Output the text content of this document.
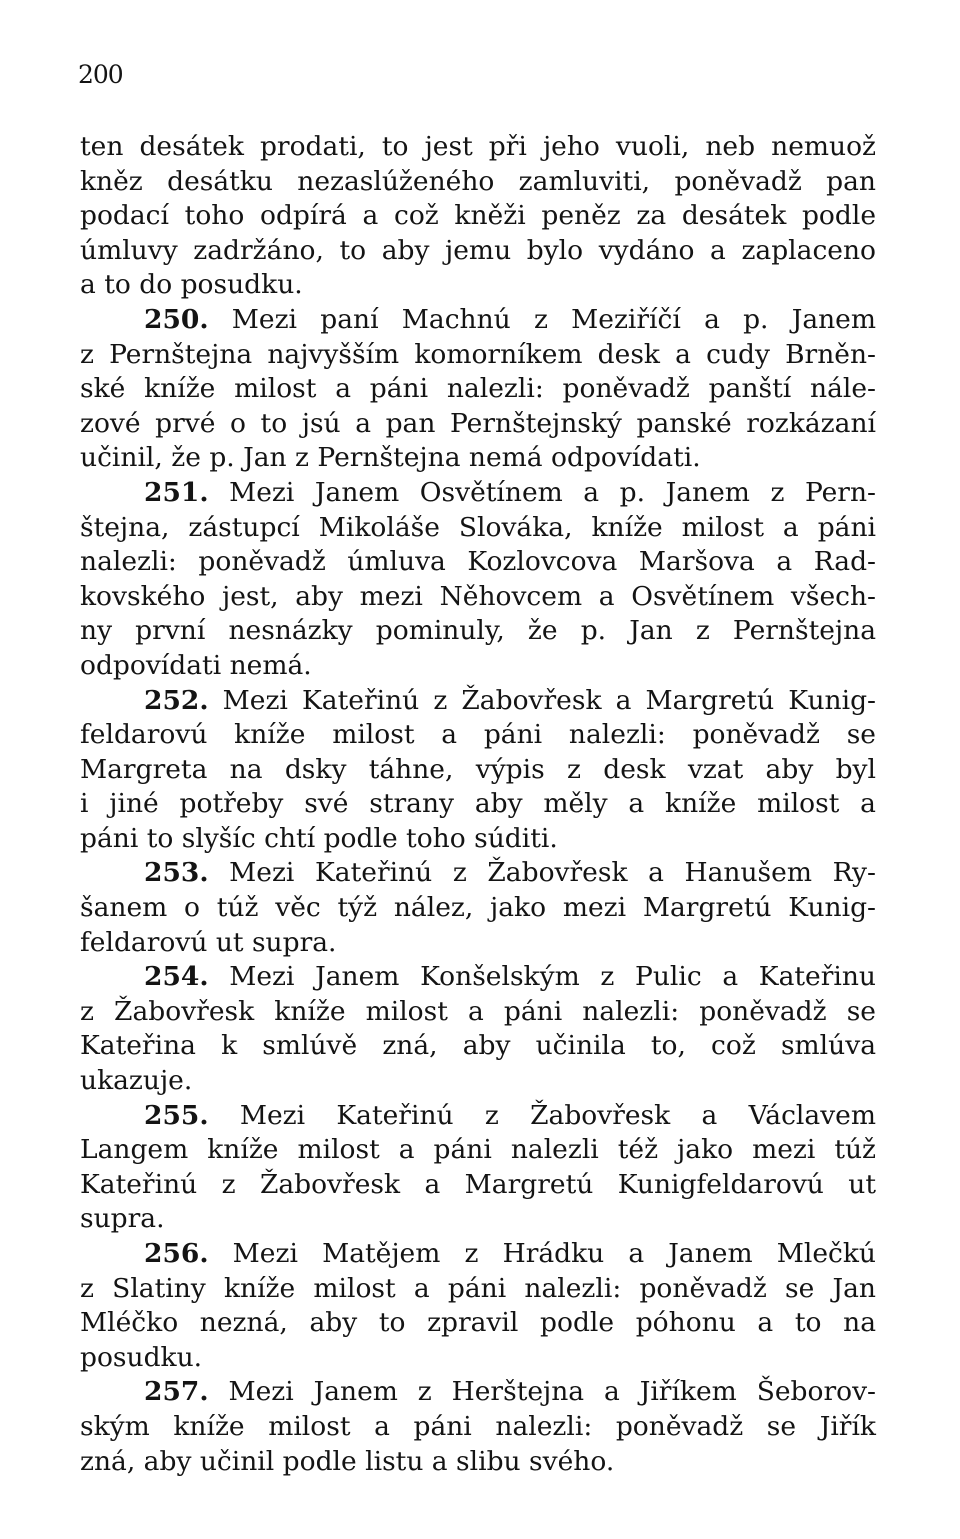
200
ten desátek prodati, to jest při jeho vuoli, neb nemuož
kněz desátku nezaslúženého zamluviti, poněvadž pan
podací toho odpírá a což kněži peněz za desátek podle
úmluvy zadržáno, to aby jemu bylo vydáno a zaplaceno
a to do posudku.
250. Mezi paní Machnú z Meziříčí a p. Janem
z Pernštejna najvyšším komorníkem desk a cudy Brněn-
ské kníže milost a páni nalezli: poněvadž panští nále-
zové prvé o to jsú a pan Pernštejnský panské rozkázaní
učinil, že p. Jan z Pernštejna nemá odpovídati.
251. Mezi Janem Osvětínem a p. Janem z Pern-
štejna, zástupcí Mikoláše Slováka, kníže milost a páni
nalezli: poněvadž úmluva Kozlovcova Maršova a Rad-
kovského jest, aby mezi Něhovcem a Osvětínem všech-
ny první nesnázky pominuly, že p. Jan z Pernštejna
odpovídati nemá.
252. Mezi Kateřinú z Žabovřesk a Margretú Kunig-
feldarovú kníže milost a páni nalezli: poněvadž se
Margreta na dsky táhne, výpis z desk vzat aby byl
i jiné potřeby své strany aby měly a kníže milost a
páni to slyšíc chtí podle toho súditi.
253. Mezi Kateřinú z Žabovřesk a Hanušem Ry-
šanem o túž věc týž nález, jako mezi Margretú Kunig-
feldarovú ut supra.
254. Mezi Janem Konšelským z Pulic a Kateřinu
z Žabovřesk kníže milost a páni nalezli: poněvadž se
Kateřina k smlúvě zná, aby učinila to, což smlúva
ukazuje.
255. Mezi Kateřinú z Žabovřesk a Václavem
Langem kníže milost a páni nalezli též jako mezi túž
Kateřinú z Žabovřesk a Margretú Kunigfeldarovú ut
supra.
256. Mezi Matějem z Hrádku a Janem Mlečkú
z Slatiny kníže milost a páni nalezli: poněvadž se Jan
Mléčko nezná, aby to zpravil podle póhonu a to na
posudku.
257. Mezi Janem z Herštejna a Jiříkem Šeborov-
ským kníže milost a páni nalezli: poněvadž se Jiřík
zná, aby učinil podle listu a slibu svého.
